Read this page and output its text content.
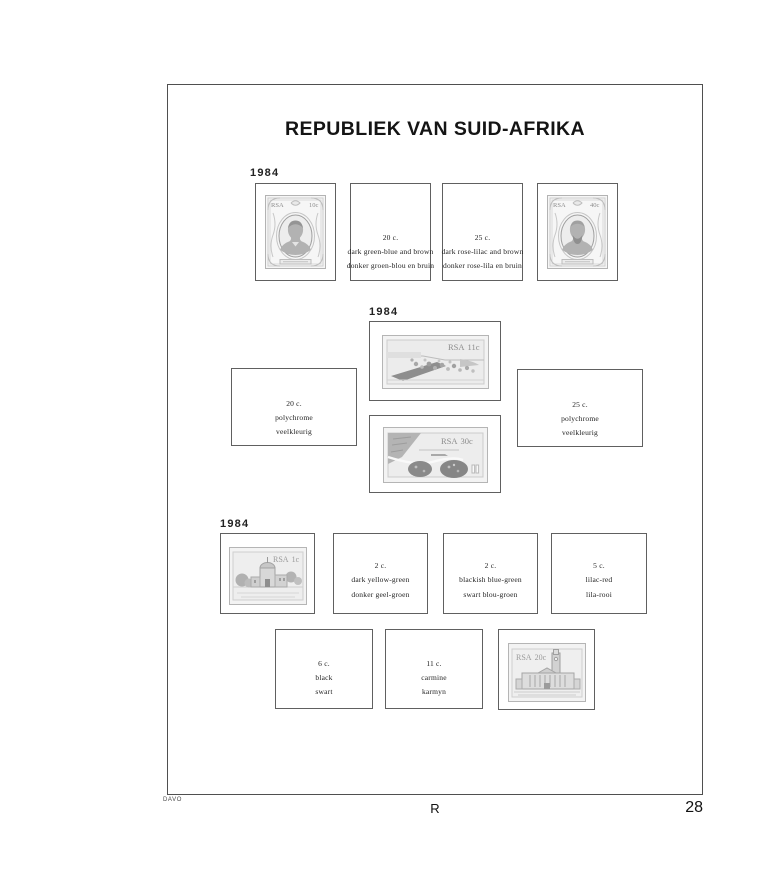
REPUBLIEK VAN SUID-AFRIKA
1984
RSA	10c
20 c.
dark green-blue and brown
donker groen-blou en bruin
25 c.
dark rose-lilac and brown
donker rose-lila en bruin
RSA	40c
1984
RSA 11c
RSA 30c
20 c.
polychrome
veelkleurig
25 c.
polychrome
veelkleurig
1984
RSA 1c
2 c.
dark yellow-green
donker geel-groen
2 c.
blackish blue-green
swart blou-groen
5 c.
lilac-red
lila-rooi
6 c.
black
swart
11 c.
carmine
karmyn
RSA 20c
DAVO
R	28
